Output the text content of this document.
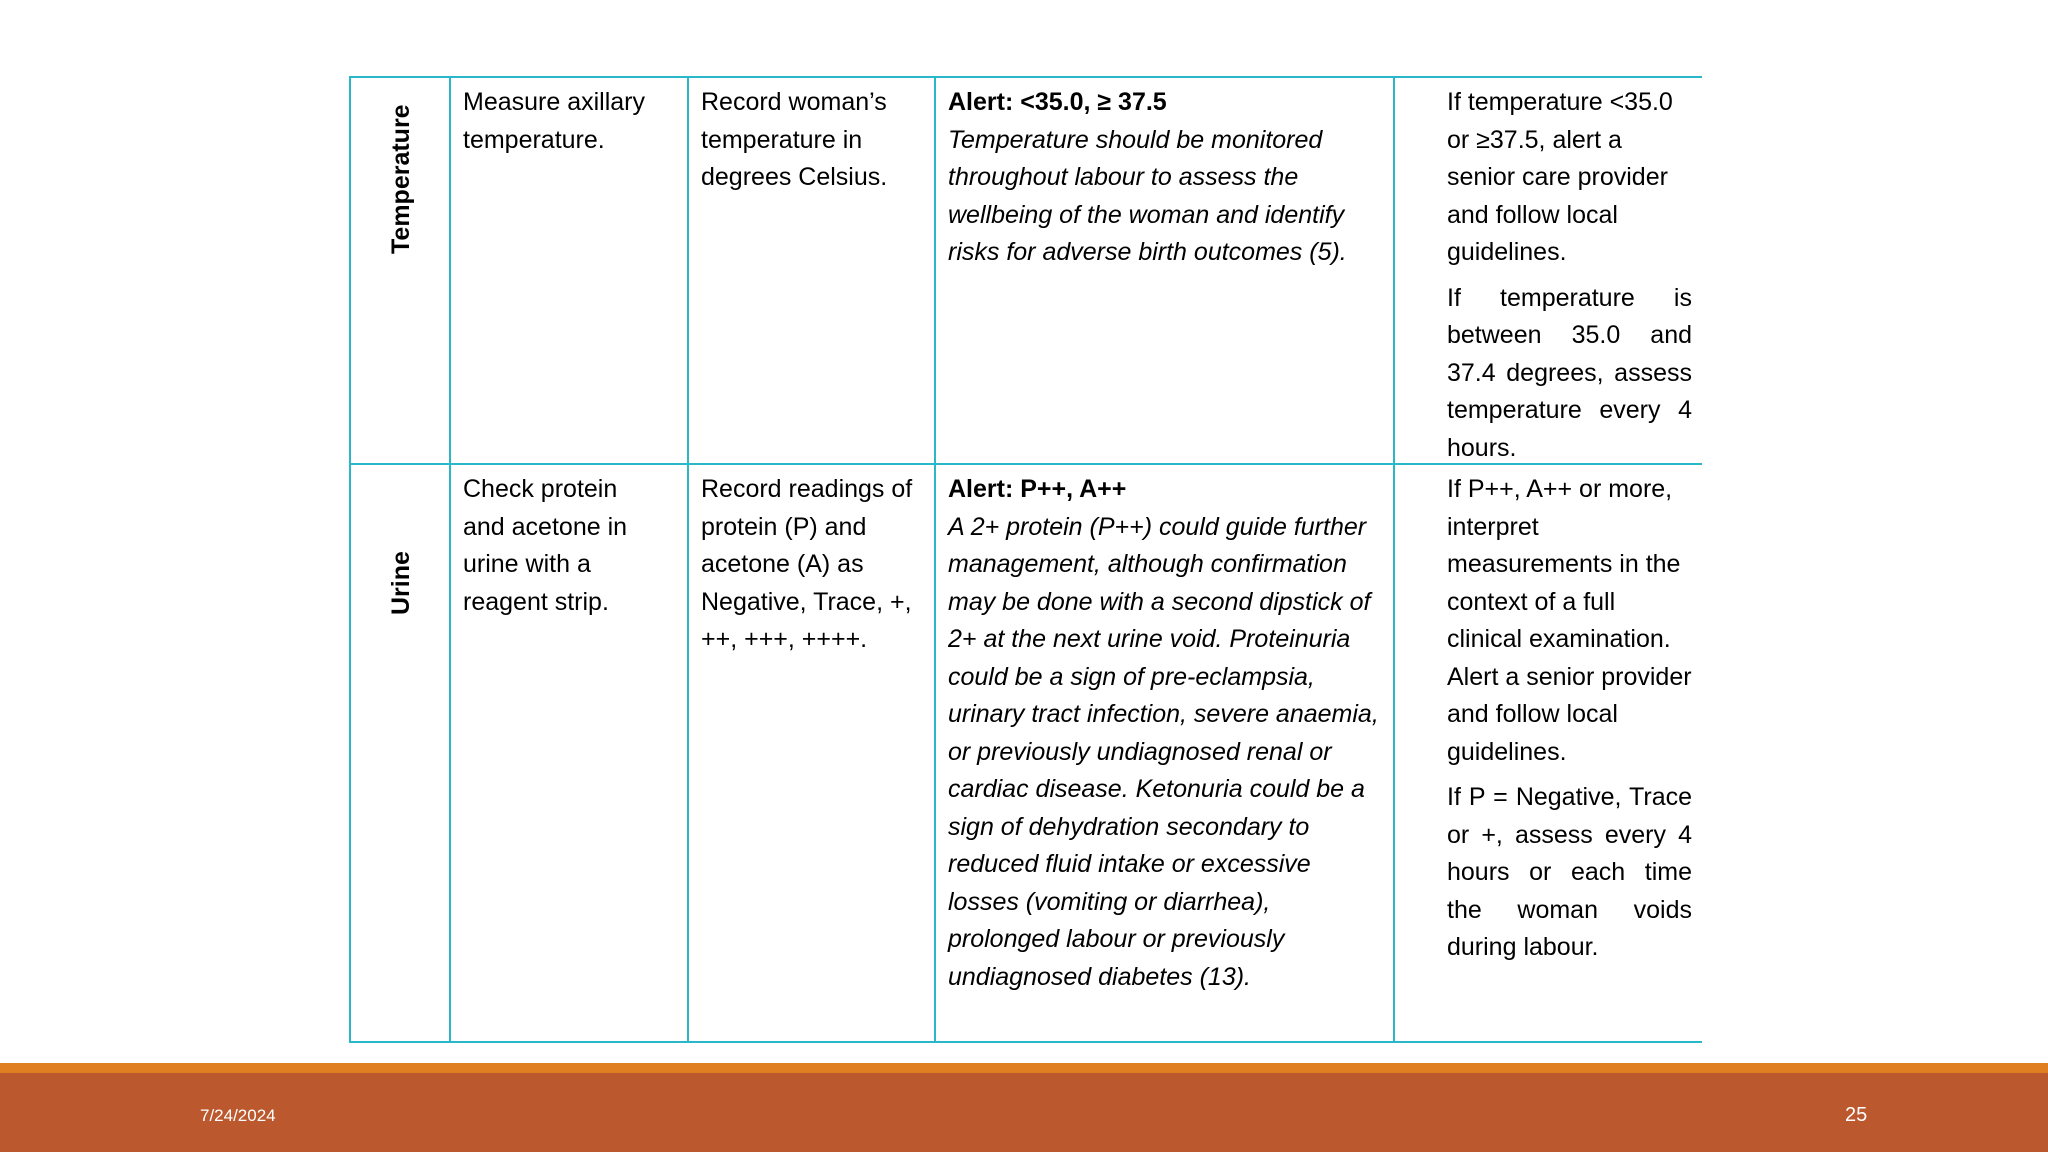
Temperature
Measure axillary temperature.
Record woman’s temperature in degrees Celsius.

Alert: <35.0, ≥ 37.5

Temperature should be monitored throughout labour to assess the wellbeing of the woman and identify risks for adverse birth outcomes (5).

If temperature <35.0 or ≥37.5, alert a senior care provider and follow local guidelines.

If temperature is between 35.0 and 37.4 degrees, assess temperature every 4 hours.

Urine
Check protein and acetone in urine with a reagent strip.
Record readings of protein (P) and acetone (A) as Negative, Trace, +, ++, +++, ++++.

Alert: P++, A++

A 2+ protein (P++) could guide further management, although confirmation may be done with a second dipstick of 2+ at the next urine void. Proteinuria could be a sign of pre-eclampsia, urinary tract infection, severe anaemia, or previously undiagnosed renal or cardiac disease. Ketonuria could be a sign of dehydration secondary to reduced fluid intake or excessive losses (vomiting or diarrhea), prolonged labour or previously undiagnosed diabetes (13).

If P++, A++ or more, interpret measurements in the context of a full clinical examination. Alert a senior provider and follow local guidelines.

If P = Negative, Trace or +, assess every 4 hours or each time the woman voids during labour.

7/24/2024	25
